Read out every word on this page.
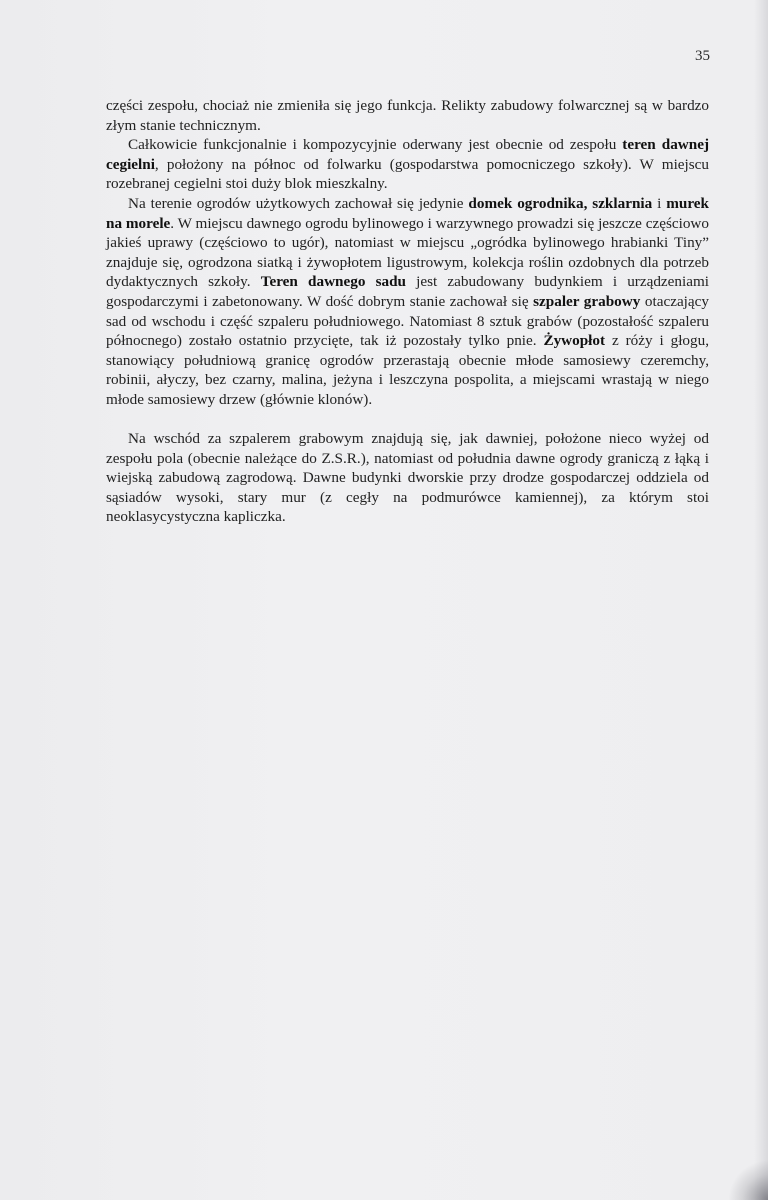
35

części zespołu, chociaż nie zmieniła się jego funkcja. Relikty zabudowy folwarcznej są w bardzo złym stanie technicznym.

Całkowicie funkcjonalnie i kompozycyjnie oderwany jest obecnie od zespołu teren dawnej cegielni, położony na północ od folwarku (gospodarstwa pomocniczego szkoły). W miejscu rozebranej cegielni stoi duży blok mieszkalny.

Na terenie ogrodów użytkowych zachował się jedynie domek ogrodnika, szklarnia i murek na morele. W miejscu dawnego ogrodu bylinowego i warzywnego prowadzi się jeszcze częściowo jakieś uprawy (częściowo to ugór), natomiast w miejscu „ogródka bylinowego hrabianki Tiny” znajduje się, ogrodzona siatką i żywopłotem ligustrowym, kolekcja roślin ozdobnych dla potrzeb dydaktycznych szkoły. Teren dawnego sadu jest zabudowany budynkiem i urządzeniami gospodarczymi i zabetonowany. W dość dobrym stanie zachował się szpaler grabowy otaczający sad od wschodu i część szpaleru południowego. Natomiast 8 sztuk grabów (pozostałość szpaleru północnego) zostało ostatnio przycięte, tak iż pozostały tylko pnie. Żywopłot z róży i głogu, stanowiący południową granicę ogrodów przerastają obecnie młode samosiewy czeremchy, robinii, ałyczy, bez czarny, malina, jeżyna i leszczyna pospolita, a miejscami wrastają w niego młode samosiewy drzew (głównie klonów).

Na wschód za szpalerem grabowym znajdują się, jak dawniej, położone nieco wyżej od zespołu pola (obecnie należące do Z.S.R.), natomiast od południa dawne ogrody graniczą z łąką i wiejską zabudową zagrodową. Dawne budynki dworskie przy drodze gospodarczej oddziela od sąsiadów wysoki, stary mur (z cegły na podmurówce kamiennej), za którym stoi neoklasycystyczna kapliczka.
